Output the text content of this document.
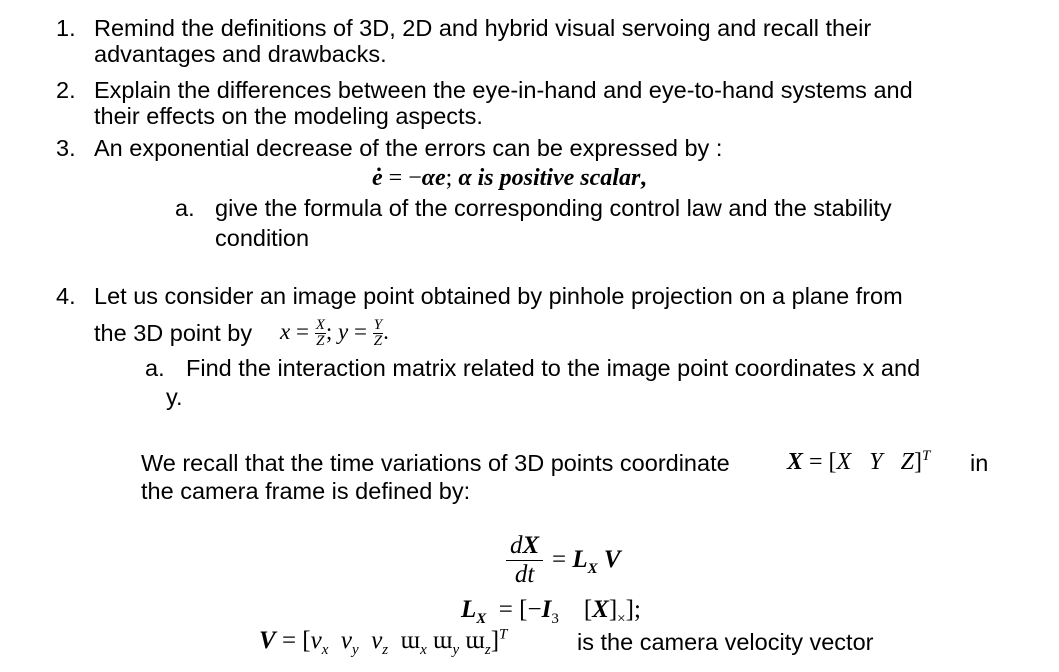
1. Remind the definitions of 3D, 2D and hybrid visual servoing and recall their
advantages and drawbacks.
2. Explain the differences between the eye-in-hand and eye-to-hand systems and
their effects on the modeling aspects.
3. An exponential decrease of the errors can be expressed by :
ė = −αe; α is positive scalar,
a. give the formula of the corresponding control law and the stability
condition
4. Let us consider an image point obtained by pinhole projection on a plane from
the 3D point by $x = \frac{X}{Z}$ ; $y = \frac{Y}{Z}$ .
a. Find the interaction matrix related to the image point coordinates x and
y.
We recall that the time variations of 3D points coordinate X = [X Y Z]$^T$ in
the camera frame is defined by:
dX
dt
= $L_X$ V
$L_X = [-I_3$    $[X]_\times$];
$V = [v_x$ $v_y$ $v_z$  ɯ$_x$ ɯ$_y$ ɯ$_z$]$^T$	is the camera velocity vector
